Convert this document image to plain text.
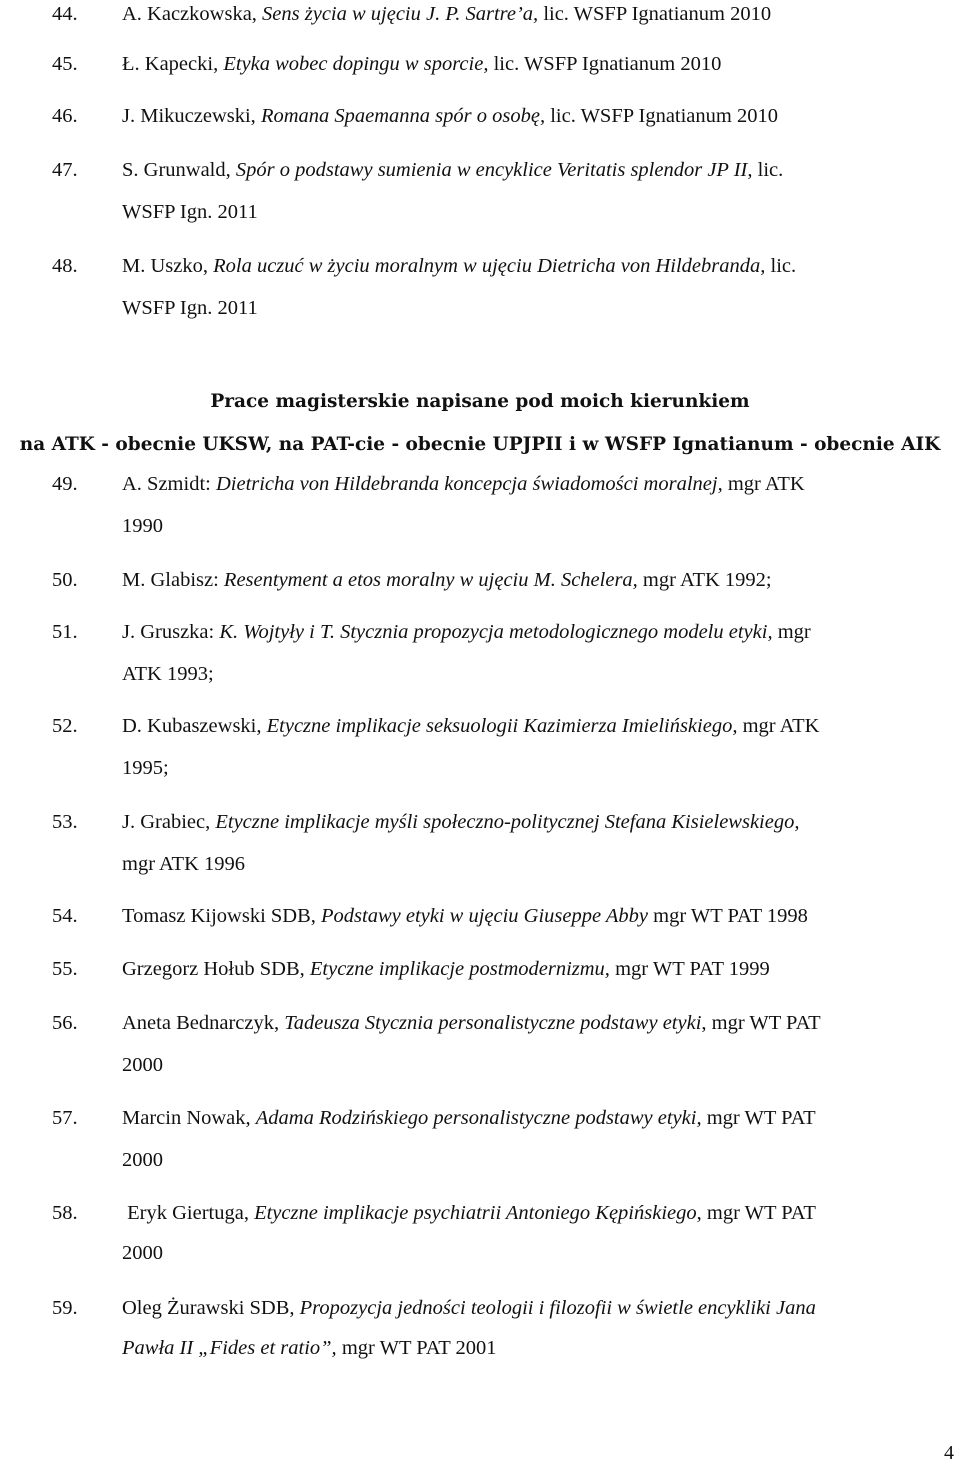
44. A. Kaczkowska, Sens życia w ujęciu J. P. Sartre’a, lic. WSFP Ignatianum 2010
45. Ł. Kapecki, Etyka wobec dopingu w sporcie, lic. WSFP Ignatianum 2010
46. J. Mikuczewski, Romana Spaemanna spór o osobę, lic. WSFP Ignatianum 2010
47. S. Grunwald, Spór o podstawy sumienia w encyklice Veritatis splendor JP II, lic.
WSFP Ign. 2011
48. M. Uszko, Rola uczuć w życiu moralnym w ujęciu Dietricha von Hildebranda, lic.
WSFP Ign. 2011
Prace magisterskie napisane pod moich kierunkiem
na ATK - obecnie UKSW, na PAT-cie - obecnie UPJPII i w WSFP Ignatianum - obecnie AIK
49. A. Szmidt: Dietricha von Hildebranda koncepcja świadomości moralnej, mgr ATK
1990
50. M. Glabisz: Resentyment a etos moralny w ujęciu M. Schelera, mgr ATK 1992;
51. J. Gruszka: K. Wojtyły i T. Stycznia propozycja metodologicznego modelu etyki, mgr
ATK 1993;
52. D. Kubaszewski, Etyczne implikacje seksuologii Kazimierza Imielińskiego, mgr ATK
1995;
53. J. Grabiec, Etyczne implikacje myśli społeczno-politycznej Stefana Kisielewskiego,
mgr ATK 1996
54. Tomasz Kijowski SDB, Podstawy etyki w ujęciu Giuseppe Abby mgr WT PAT 1998
55. Grzegorz Hołub SDB, Etyczne implikacje postmodernizmu, mgr WT PAT 1999
56. Aneta Bednarczyk, Tadeusza Stycznia personalistyczne podstawy etyki, mgr WT PAT
2000
57. Marcin Nowak, Adama Rodzińskiego personalistyczne podstawy etyki, mgr WT PAT
2000
58. Eryk Giertuga, Etyczne implikacje psychiatrii Antoniego Kępińskiego, mgr WT PAT
2000
59. Oleg Żurawski SDB, Propozycja jedności teologii i filozofii w świetle encykliki Jana
Pawła II „Fides et ratio”, mgr WT PAT 2001
4
